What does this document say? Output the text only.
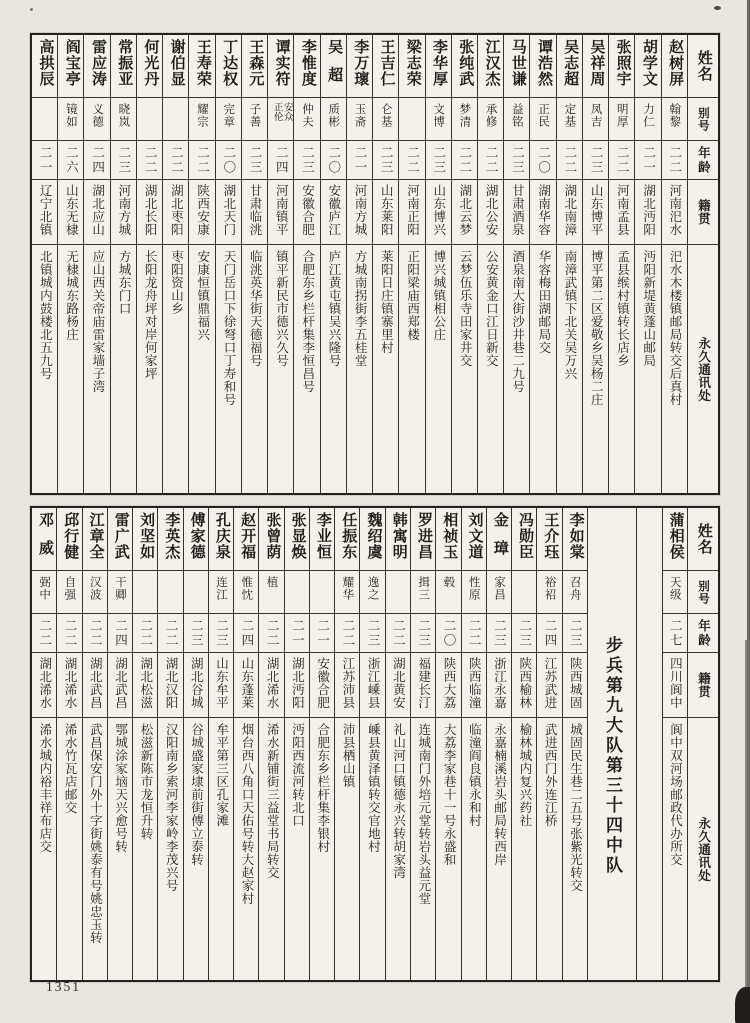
高拱辰
二一
辽宁北镇
北镇城内鼓楼北五九号
阎宝亭
镜如
二六
山东无棣
无棣城东路杨庄
雷应涛
义德
二四
湖北应山
应山西关帝庙雷家墙子湾
常振亚
晓岚
二三
河南方城
方城东门口
何光丹
二二
湖北长阳
长阳龙舟坪对岸何家坪
谢伯显
二二
湖北枣阳
枣阳资山乡
王寿荣
耀宗
二二
陕西安康
安康恒镇鼎福兴
丁达权
完章
二〇
湖北天门
天门岳口下徐弩口丁寿和号
王森元
子善
二三
甘肃临洮
临洮英华街天德福号
谭实符
安众
正伦
二四
河南镇平
镇平新民市德兴久号
李惟度
仲夫
二三
安徽合肥
合肥东乡栏杆集李恒昌号
吴超
质彬
二〇
安徽庐江
庐江黄屯镇吴兴隆号
李万瓌
玉斋
二一
河南方城
方城南拐街李五桂堂
王吉仁
仑基
二三
山东莱阳
莱阳日庄镇寨里村
梁志荣
二二
河南正阳
正阳梁庙西郑楼
李华厚
文博
二三
山东博兴
博兴城镇相公庄
张纯武
梦清
二二
湖北云梦
云梦伍乐寺田家井交
江汉杰
承修
二二
湖北公安
公安黄金口江日新交
马世谦
益铭
二三
甘肃酒泉
酒泉南大街沙井巷二九号
谭浩然
正民
二〇
湖南华容
华容梅田湖邮局交
吴志超
定基
二二
湖北南漳
南漳武镇下北关吴万兴
吴祥周
凤吉
二三
山东博平
博平第二区爱敬乡吴杨二庄
张照宇
明厚
二二
河南孟县
孟县缑村镇转长店乡
胡学文
力仁
二一
湖北沔阳
沔阳新堤黄蓬山邮局
赵树屏
翰黎
二二
河南汜水
汜水木楼镇邮局转交后真村
姓名
别号
年龄
籍贯
永久通讯处
邓威
弼中
二二
湖北浠水
浠水城内裕丰祥布店交
邱行健
自强
二二
湖北浠水
浠水竹瓦店邮交
江章全
汉波
二二
湖北武昌
武昌保安门外十字街姚泰有号姚忠玉转
雷广武
干卿
二四
湖北武昌
鄂城涂家垴天兴愈号转
刘坚如
二二
湖北松滋
松滋新陈市龙恒升转
李英杰
二二
湖北汉阳
汉阳南乡索河李家岭李茂兴号
傅家德
二三
湖北谷城
谷城盛家埭前街傅立泰转
孔庆泉
连江
二三
山东牟平
牟平第三区孔家滩
赵开福
惟忱
二四
山东蓬莱
烟台西八角口天佑号转大赵家村
张曾荫
植
二二
湖北浠水
浠水新铺街三益堂书局转交
张显焕
二一
湖北沔阳
沔阳西流河转北口
李业恒
二一
安徽合肥
合肥东乡栏杆集李银村
任振东
耀华
二二
江苏沛县
沛县栖山镇
魏绍虞
逸之
二三
浙江嵊县
嵊县黄泽镇转交官地村
韩寓明
二二
湖北黄安
礼山河口镇德永兴转胡家湾
罗进昌
揖三
二三
福建长汀
连城南门外培元堂转岩头益元堂
相祯玉
毂
二〇
陕西大荔
大荔李家巷十一号永盛和
刘文道
性原
二二
陕西临潼
临潼阎良镇永和村
金璋
家昌
二三
浙江永嘉
永嘉楠溪岩头邮局转西岸
冯勋臣
二三
陕西榆林
榆林城内复兴药社
王介珏
裕袑
二四
江苏武进
武进西门外连江桥
李如棠
召舟
二三
陕西城固
城固民生巷二五号张紫光转交 步兵第九大队第三十四中队
蒲相侯
天级
二七
四川阆中
阆中双河场邮政代办所交
姓名
别号
年龄
籍贯
永久通讯处
1351
